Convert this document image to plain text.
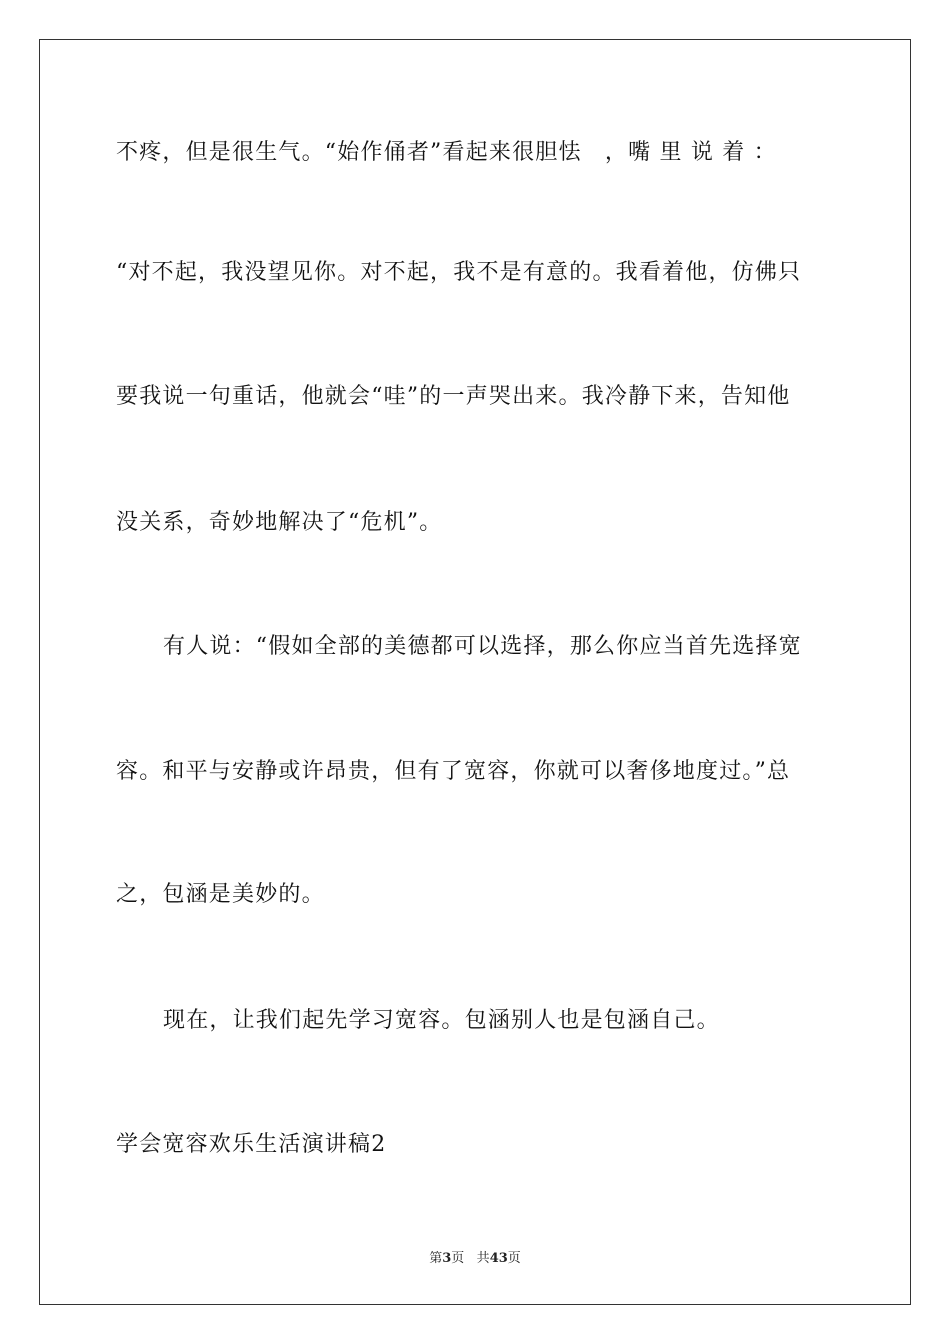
不疼，但是很生气。“始作俑者”看起来很胆怯　，嘴 里 说 着 ：
“对不起，我没望见你。对不起，我不是有意的。我看着他，仿佛只
要我说一句重话，他就会“哇”的一声哭出来。我冷静下来，告知他
没关系，奇妙地解决了“危机”。
有人说：“假如全部的美德都可以选择，那么你应当首先选择宽
容。和平与安静或许昂贵，但有了宽容，你就可以奢侈地度过。”总
之，包涵是美妙的。
现在，让我们起先学习宽容。包涵别人也是包涵自己。
学会宽容欢乐生活演讲稿2
第3页 共43页
